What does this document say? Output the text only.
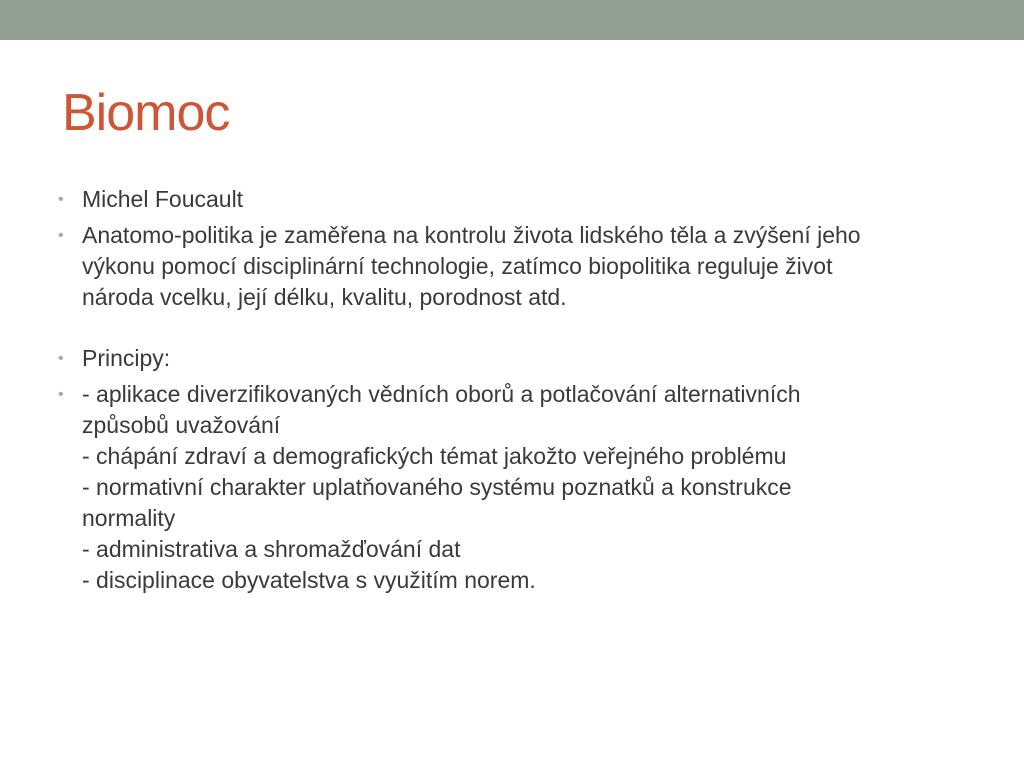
Biomoc
• Michel Foucault
• Anatomo-politika je zaměřena na kontrolu života lidského těla a zvýšení jeho
výkonu pomocí disciplinární technologie, zatímco biopolitika reguluje život
národa vcelku, její délku, kvalitu, porodnost atd.
• Principy:
• - aplikace diverzifikovaných vědních oborů a potlačování alternativních
způsobů uvažování
- chápání zdraví a demografických témat jakožto veřejného problému
- normativní charakter uplatňovaného systému poznatků a konstrukce
normality
- administrativa a shromažďování dat
- disciplinace obyvatelstva s využitím norem.
